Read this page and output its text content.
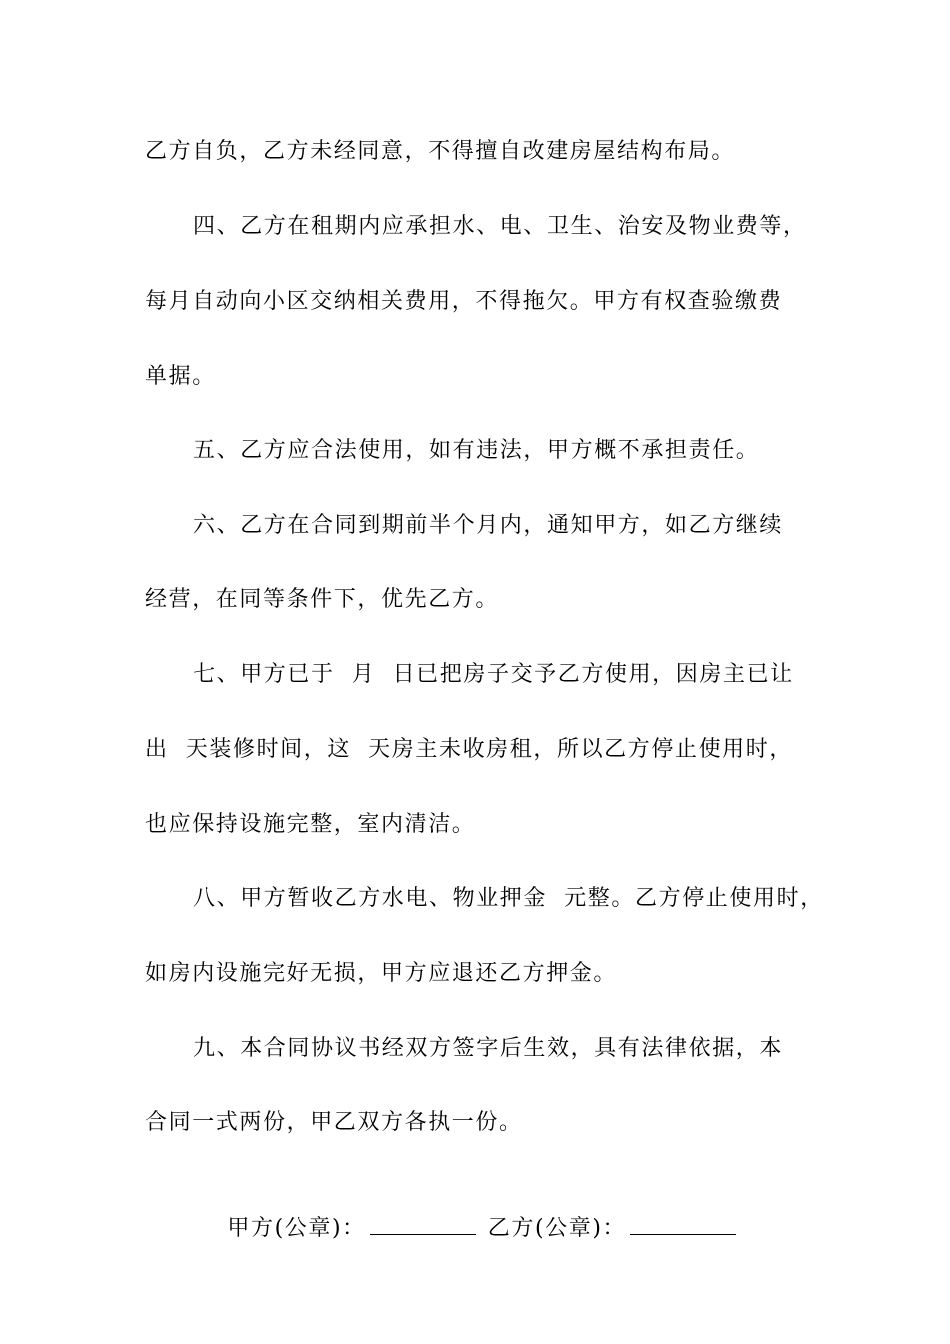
乙方自负，乙方未经同意，不得擅自改建房屋结构布局。
四、乙方在租期内应承担水、电、卫生、治安及物业费等，
每月自动向小区交纳相关费用，不得拖欠。甲方有权查验缴费
单据。
五、乙方应合法使用，如有违法，甲方概不承担责任。
六、乙方在合同到期前半个月内，通知甲方，如乙方继续
经营，在同等条件下，优先乙方。
七、甲方已于  月  日已把房子交予乙方使用，因房主已让
出  天装修时间，这  天房主未收房租，所以乙方停止使用时，
也应保持设施完整，室内清洁。
八、甲方暂收乙方水电、物业押金  元整。乙方停止使用时，
如房内设施完好无损，甲方应退还乙方押金。
九、本合同协议书经双方签字后生效，具有法律依据，本
合同一式两份，甲乙双方各执一份。

甲方(公章)：	乙方(公章)：
